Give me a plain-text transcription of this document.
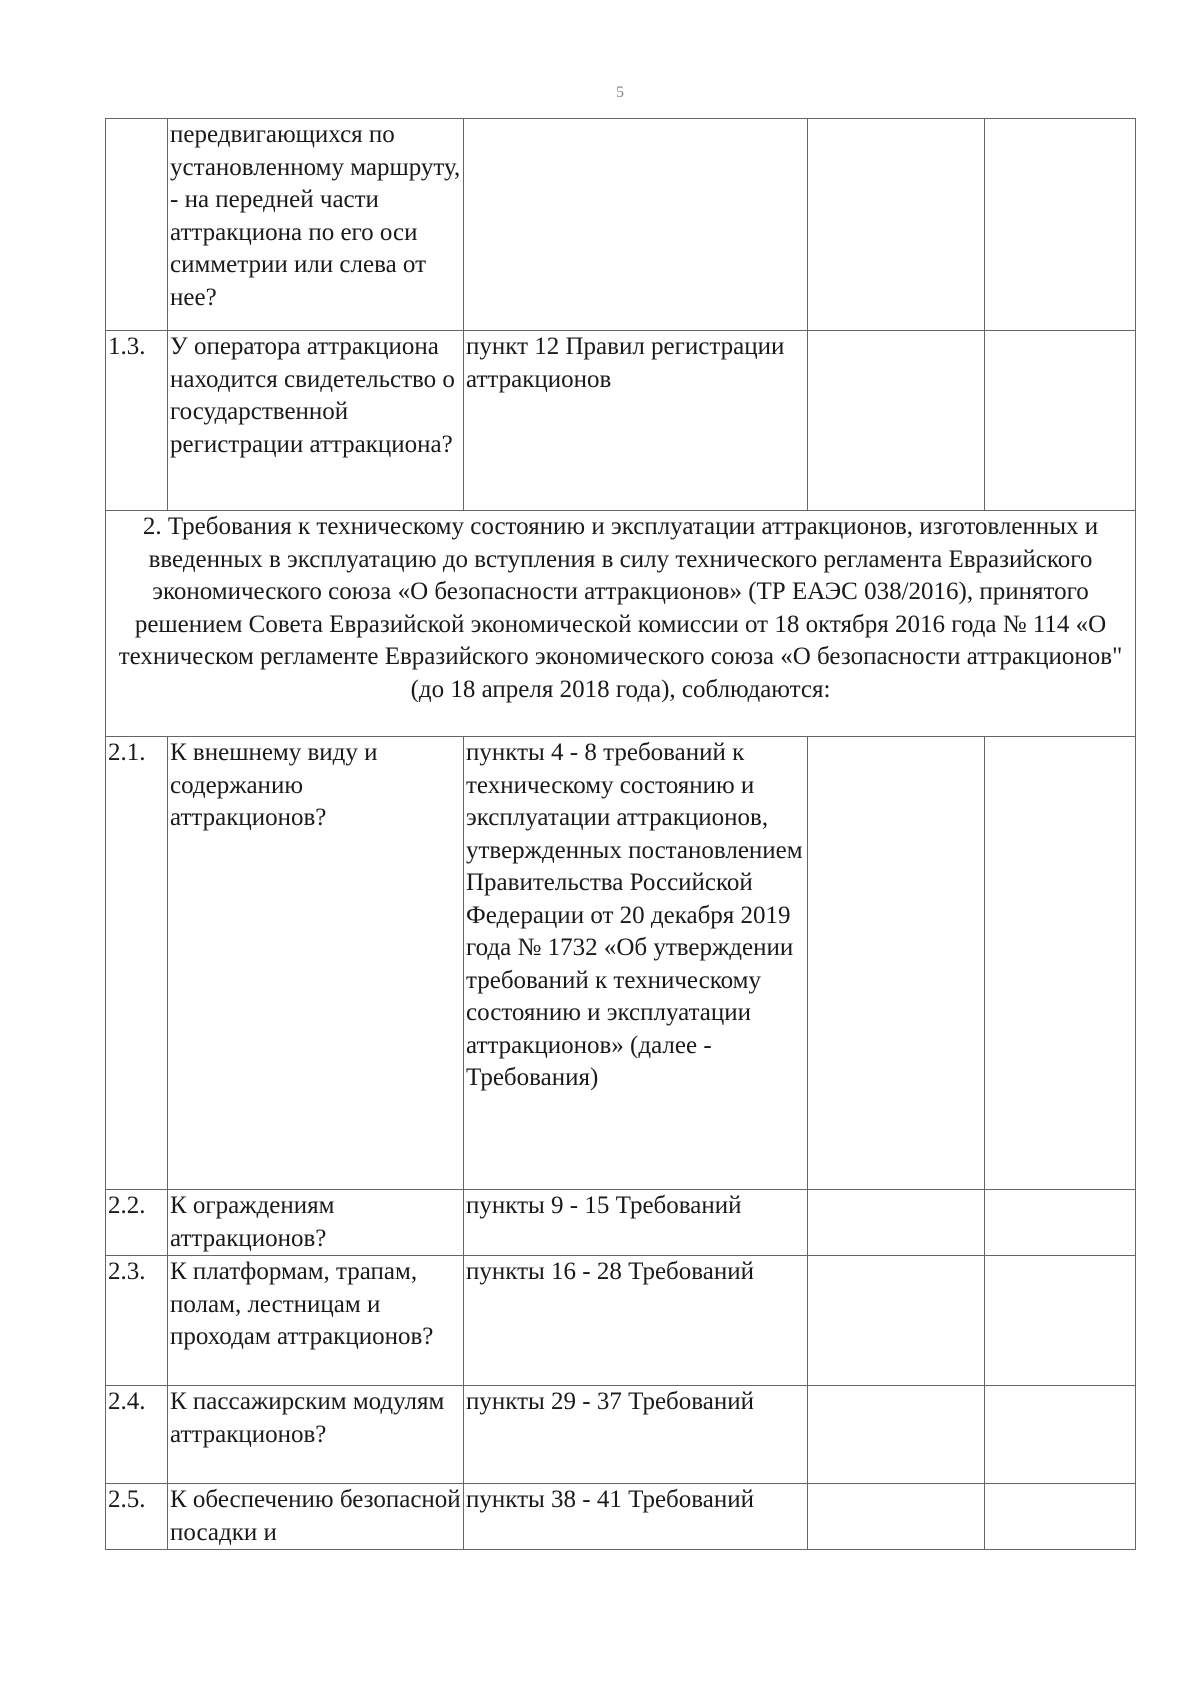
5
	передвигающихся по установленному маршруту, - на передней части аттракциона по его оси симметрии или слева от нее?			
1.3.	У оператора аттракциона находится свидетельство о государственной регистрации аттракциона?	пункт 12 Правил регистрации аттракционов		
2. Требования к техническому состоянию и эксплуатации аттракционов, изготовленных и введенных в эксплуатацию до вступления в силу технического регламента Евразийского экономического союза «О безопасности аттракционов» (ТР ЕАЭС 038/2016), принятого решением Совета Евразийской экономической комиссии от 18 октября 2016 года № 114 «О техническом регламенте Евразийского экономического союза «О безопасности аттракционов" (до 18 апреля 2018 года), соблюдаются:				
2.1.	К внешнему виду и содержанию аттракционов?	пункты 4 - 8 требований к техническому состоянию и эксплуатации аттракционов, утвержденных постановлением Правительства Российской Федерации от 20 декабря 2019 года № 1732 «Об утверждении требований к техническому состоянию и эксплуатации аттракционов» (далее - Требования)		
2.2.	К ограждениям аттракционов?	пункты 9 - 15 Требований		
2.3.	К платформам, трапам, полам, лестницам и проходам аттракционов?	пункты 16 - 28 Требований		
2.4.	К пассажирским модулям аттракционов?	пункты 29 - 37 Требований		
2.5.	К обеспечению безопасной посадки и	пункты 38 - 41 Требований		
